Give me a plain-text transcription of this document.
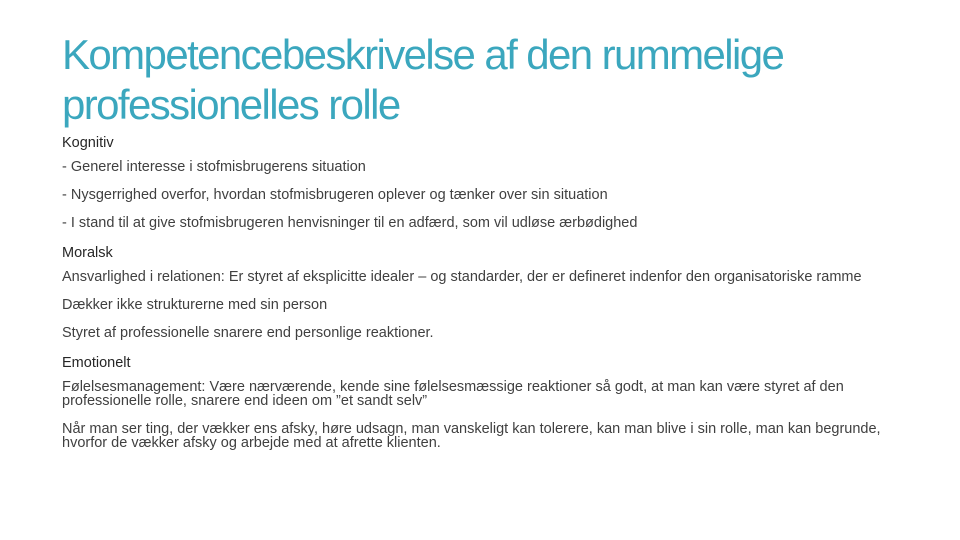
Kompetencebeskrivelse af den rummelige professionelles rolle
Kognitiv
- Generel interesse i stofmisbrugerens situation
- Nysgerrighed overfor, hvordan stofmisbrugeren oplever og tænker over sin situation
- I stand til at give stofmisbrugeren henvisninger til en adfærd, som vil udløse ærbødighed
Moralsk
Ansvarlighed i relationen: Er styret af eksplicitte idealer – og standarder, der er defineret indenfor den organisatoriske ramme
Dækker ikke strukturerne med sin person
Styret af professionelle snarere end personlige reaktioner.
Emotionelt
Følelsesmanagement: Være nærværende, kende sine følelsesmæssige reaktioner så godt, at man kan være styret af den professionelle rolle, snarere end ideen om ”et sandt selv”
Når man ser ting, der vækker ens afsky, høre udsagn, man vanskeligt kan tolerere, kan man blive i sin rolle, man kan begrunde, hvorfor de vækker afsky og arbejde med at afrette klienten.
